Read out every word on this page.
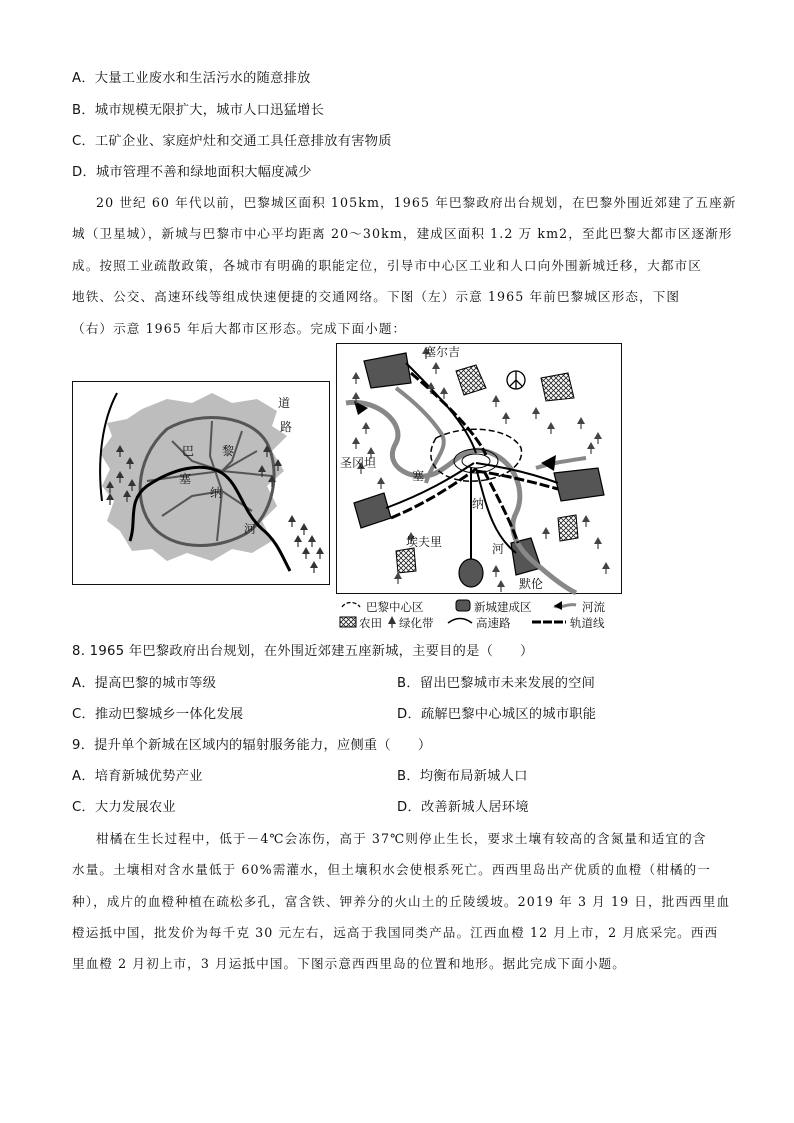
A．大量工业废水和生活污水的随意排放
B．城市规模无限扩大，城市人口迅猛增长
C．工矿企业、家庭炉灶和交通工具任意排放有害物质
D．城市管理不善和绿地面积大幅度减少
20 世纪 60 年代以前，巴黎城区面积 105km，1965 年巴黎政府出台规划，在巴黎外围近郊建了五座新
城（卫星城），新城与巴黎市中心平均距离 20～30km，建成区面积 1.2 万 km2，至此巴黎大都市区逐渐形
成。按照工业疏散政策，各城市有明确的职能定位，引导市中心区工业和人口向外围新城迁移，大都市区
地铁、公交、高速环线等组成快速便捷的交通网络。下图（左）示意 1965 年前巴黎城区形态，下图
（右）示意 1965 年后大都市区形态。完成下面小题：
道
路
巴 黎
塞
纳
河
塞尔吉
圣冈坦
塞
纳
河
埃夫里
默伦
巴黎中心区	新城建成区	河流
农田 绿化带	高速路	轨道线
8. 1965 年巴黎政府出台规划，在外围近郊建五座新城，主要目的是（　　）
A．提高巴黎的城市等级	B．留出巴黎城市未来发展的空间
C．推动巴黎城乡一体化发展	D．疏解巴黎中心城区的城市职能
9．提升单个新城在区域内的辐射服务能力，应侧重（　　）
A．培育新城优势产业	B．均衡布局新城人口
C．大力发展农业	D．改善新城人居环境
柑橘在生长过程中，低于－4℃会冻伤，高于 37℃则停止生长，要求土壤有较高的含氮量和适宜的含
水量。土壤相对含水量低于 60%需灌水，但土壤积水会使根系死亡。西西里岛出产优质的血橙（柑橘的一
种），成片的血橙种植在疏松多孔，富含铁、钾养分的火山土的丘陵缓坡。2019 年 3 月 19 日，批西西里血
橙运抵中国，批发价为每千克 30 元左右，远高于我国同类产品。江西血橙 12 月上市，2 月底采完。西西
里血橙 2 月初上市，3 月运抵中国。下图示意西西里岛的位置和地形。据此完成下面小题。
